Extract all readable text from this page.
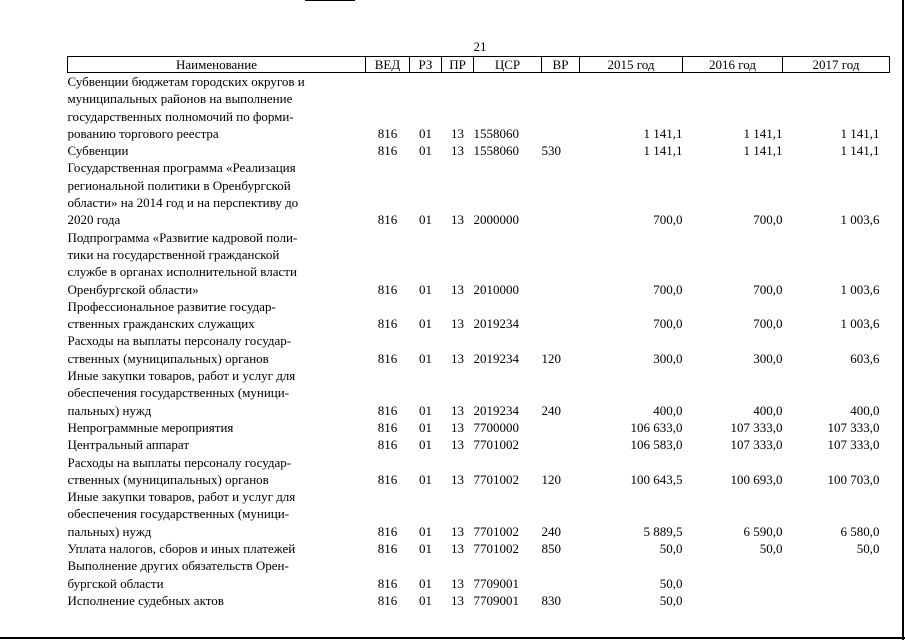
21
Наименование	ВЕД	РЗ	ПР	ЦСР	ВР	2015 год	2016 год	2017 год

Субвенции бюджетам городских округов и
муниципальных районов на выполнение
государственных полномочий по форми-
рованию торгового реестра	816	01	13	1558060		1 141,1	1 141,1	1 141,1

Субвенции	816	01	13	1558060	530	1 141,1	1 141,1	1 141,1

Государственная программа «Реализация
региональной политики в Оренбургской
области» на 2014 год и на перспективу до
2020 года	816	01	13	2000000		700,0	700,0	1 003,6

Подпрограмма «Развитие кадровой поли-
тики на государственной гражданской
службе в органах исполнительной власти
Оренбургской области»	816	01	13	2010000		700,0	700,0	1 003,6

Профессиональное развитие государ-
ственных гражданских служащих	816	01	13	2019234		700,0	700,0	1 003,6

Расходы на выплаты персоналу государ-
ственных (муниципальных) органов	816	01	13	2019234	120	300,0	300,0	603,6

Иные закупки товаров, работ и услуг для
обеспечения государственных (муници-
пальных) нужд	816	01	13	2019234	240	400,0	400,0	400,0

Непрограммные мероприятия	816	01	13	7700000		106 633,0	107 333,0	107 333,0

Центральный аппарат	816	01	13	7701002		106 583,0	107 333,0	107 333,0

Расходы на выплаты персоналу государ-
ственных (муниципальных) органов	816	01	13	7701002	120	100 643,5	100 693,0	100 703,0

Иные закупки товаров, работ и услуг для
обеспечения государственных (муници-
пальных) нужд	816	01	13	7701002	240	5 889,5	6 590,0	6 580,0

Уплата налогов, сборов и иных платежей	816	01	13	7701002	850	50,0	50,0	50,0

Выполнение других обязательств Орен-
бургской области	816	01	13	7709001		50,0		

Исполнение судебных актов	816	01	13	7709001	830	50,0		
